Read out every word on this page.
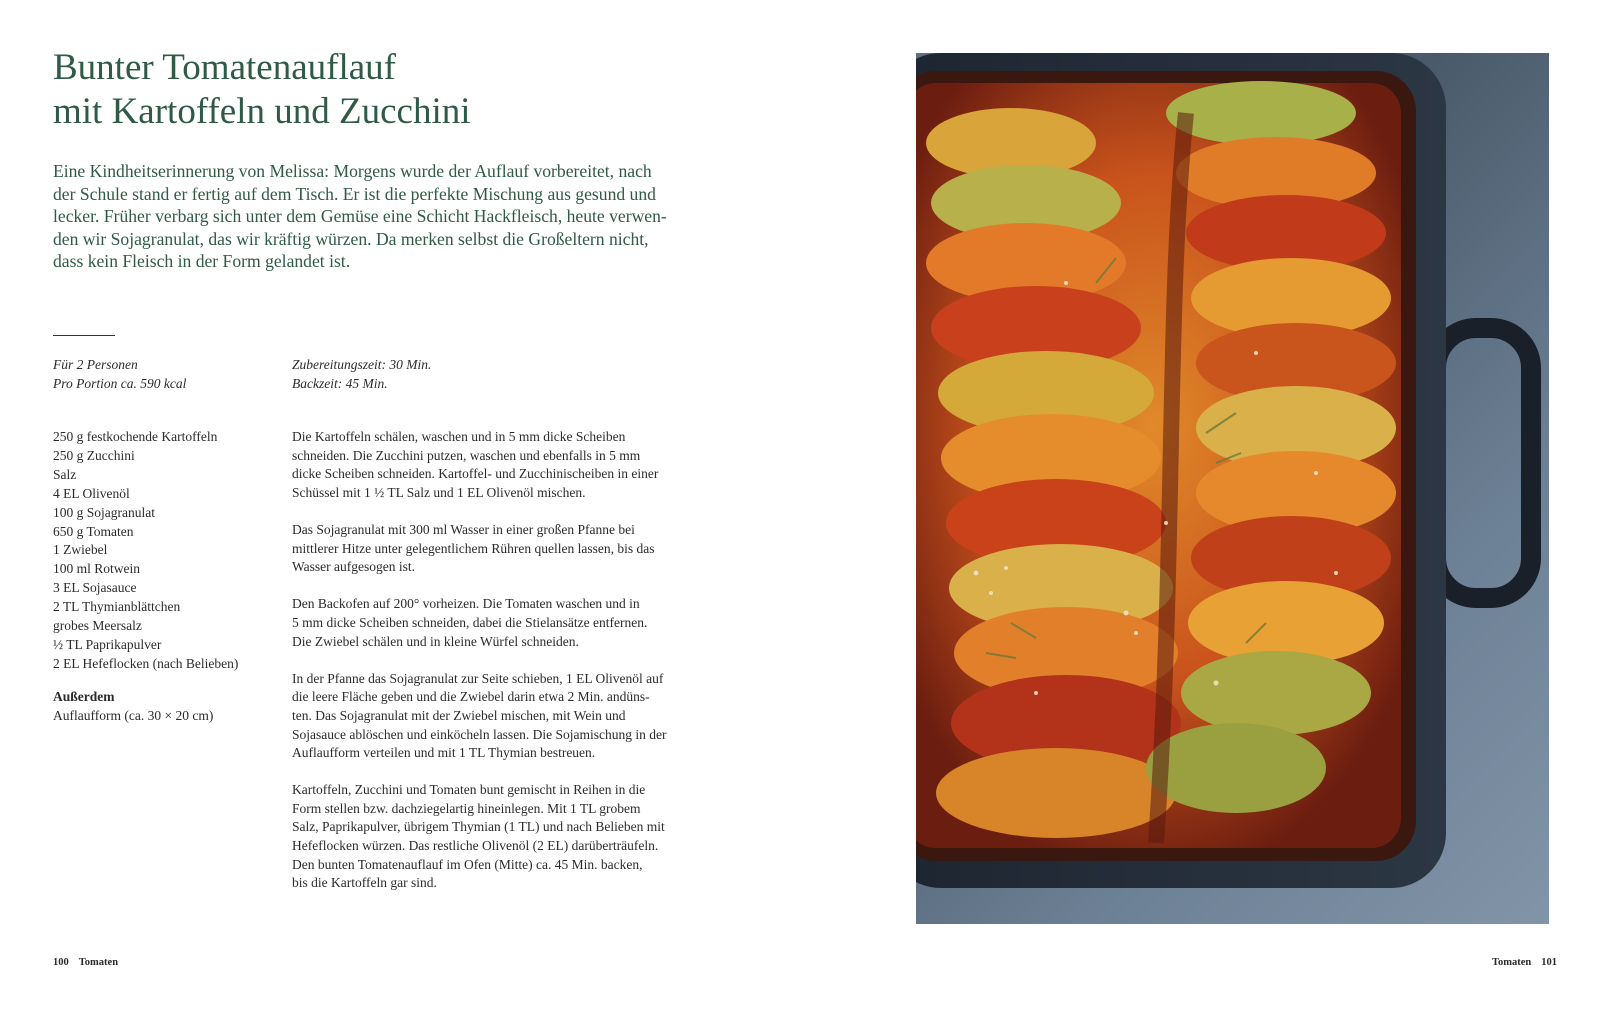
Bunter Tomatenauflauf
mit Kartoffeln und Zucchini

Eine Kindheitserinnerung von Melissa: Morgens wurde der Auflauf vorbereitet, nach
der Schule stand er fertig auf dem Tisch. Er ist die perfekte Mischung aus gesund und
lecker. Früher verbarg sich unter dem Gemüse eine Schicht Hackfleisch, heute verwen-
den wir Sojagranulat, das wir kräftig würzen. Da merken selbst die Großeltern nicht,
dass kein Fleisch in der Form gelandet ist.

Für 2 Personen
Pro Portion ca. 590 kcal
Zubereitungszeit: 30 Min.
Backzeit: 45 Min.
250 g festkochende Kartoffeln
250 g Zucchini
Salz
4 EL Olivenöl
100 g Sojagranulat
650 g Tomaten
1 Zwiebel
100 ml Rotwein
3 EL Sojasauce
2 TL Thymianblättchen
grobes Meersalz
½ TL Paprikapulver
2 EL Hefeflocken (nach Belieben)
Außerdem
Auflaufform (ca. 30 × 20 cm)
Die Kartoffeln schälen, waschen und in 5 mm dicke Scheiben
schneiden. Die Zucchini putzen, waschen und ebenfalls in 5 mm
dicke Scheiben schneiden. Kartoffel- und Zucchinischeiben in einer
Schüssel mit 1 ½ TL Salz und 1 EL Olivenöl mischen.
Das Sojagranulat mit 300 ml Wasser in einer großen Pfanne bei
mittlerer Hitze unter gelegentlichem Rühren quellen lassen, bis das
Wasser aufgesogen ist.
Den Backofen auf 200° vorheizen. Die Tomaten waschen und in
5 mm dicke Scheiben schneiden, dabei die Stielansätze entfernen.
Die Zwiebel schälen und in kleine Würfel schneiden.
In der Pfanne das Sojagranulat zur Seite schieben, 1 EL Olivenöl auf
die leere Fläche geben und die Zwiebel darin etwa 2 Min. andüns-
ten. Das Sojagranulat mit der Zwiebel mischen, mit Wein und
Sojasauce ablöschen und einköcheln lassen. Die Sojamischung in der
Auflaufform verteilen und mit 1 TL Thymian bestreuen.
Kartoffeln, Zucchini und Tomaten bunt gemischt in Reihen in die
Form stellen bzw. dachziegelartig hineinlegen. Mit 1 TL grobem
Salz, Paprikapulver, übrigem Thymian (1 TL) und nach Belieben mit
Hefeflocken würzen. Das restliche Olivenöl (2 EL) darüberträufeln.
Den bunten Tomatenauflauf im Ofen (Mitte) ca. 45 Min. backen,
bis die Kartoffeln gar sind.
100 Tomaten	Tomaten 101
